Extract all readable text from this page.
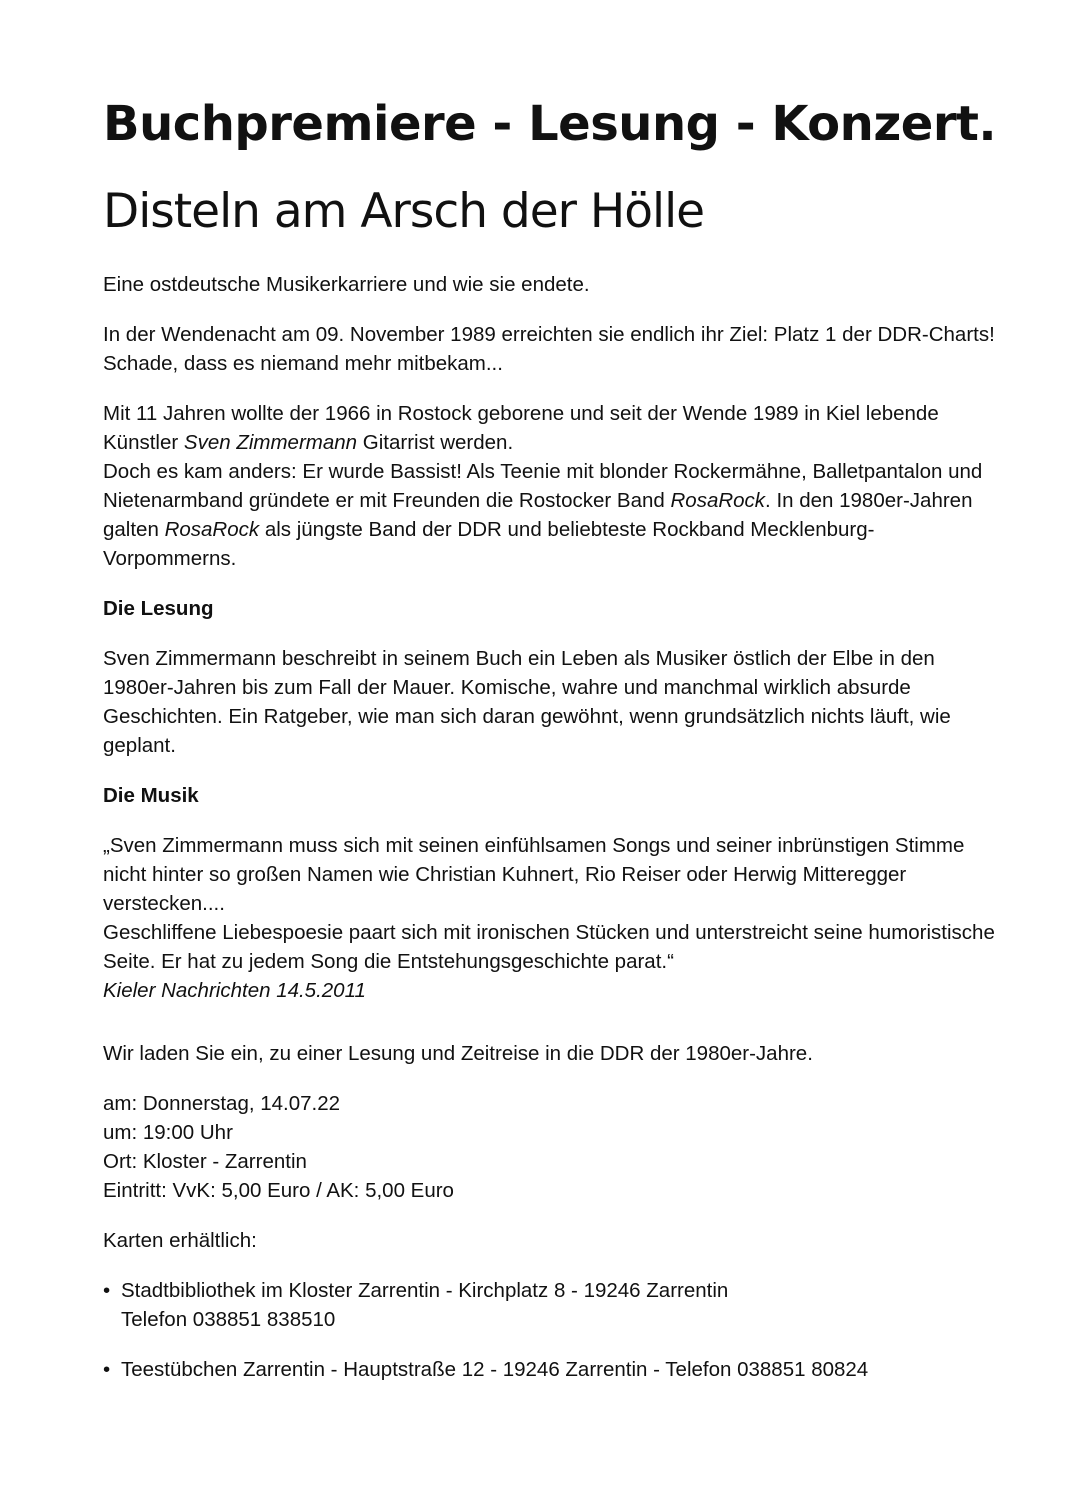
Buchpremiere - Lesung - Konzert.
Disteln am Arsch der Hölle

Eine ostdeutsche Musikerkarriere und wie sie endete.

In der Wendenacht am 09. November 1989 erreichten sie endlich ihr Ziel: Platz 1 der DDR-Charts! Schade, dass es niemand mehr mitbekam...

Mit 11 Jahren wollte der 1966 in Rostock geborene und seit der Wende 1989 in Kiel lebende Künstler Sven Zimmermann Gitarrist werden.
Doch es kam anders: Er wurde Bassist! Als Teenie mit blonder Rockermähne, Balletpantalon und Nietenarmband gründete er mit Freunden die Rostocker Band RosaRock. In den 1980er-Jahren galten RosaRock als jüngste Band der DDR und beliebteste Rockband Mecklenburg-Vorpommerns.

Die Lesung

Sven Zimmermann beschreibt in seinem Buch ein Leben als Musiker östlich der Elbe in den 1980er-Jahren bis zum Fall der Mauer. Komische, wahre und manchmal wirklich absurde Geschichten. Ein Ratgeber, wie man sich daran gewöhnt, wenn grundsätzlich nichts läuft, wie geplant.

Die Musik

„Sven Zimmermann muss sich mit seinen einfühlsamen Songs und seiner inbrünstigen Stimme nicht hinter so großen Namen wie Christian Kuhnert, Rio Reiser oder Herwig Mitteregger verstecken....

Geschliffene Liebespoesie paart sich mit ironischen Stücken und unterstreicht seine humoristische Seite. Er hat zu jedem Song die Entstehungsgeschichte parat.“

Kieler Nachrichten 14.5.2011

Wir laden Sie ein, zu einer Lesung und Zeitreise in die DDR der 1980er-Jahre.

am: Donnerstag, 14.07.22

um: 19:00 Uhr

Ort: Kloster - Zarrentin

Eintritt: VvK: 5,00 Euro / AK: 5,00 Euro

Karten erhältlich:

• Stadtbibliothek im Kloster Zarrentin - Kirchplatz 8 - 19246 Zarrentin
Telefon 038851 838510
• Teestübchen Zarrentin - Hauptstraße 12 - 19246 Zarrentin - Telefon 038851 80824
